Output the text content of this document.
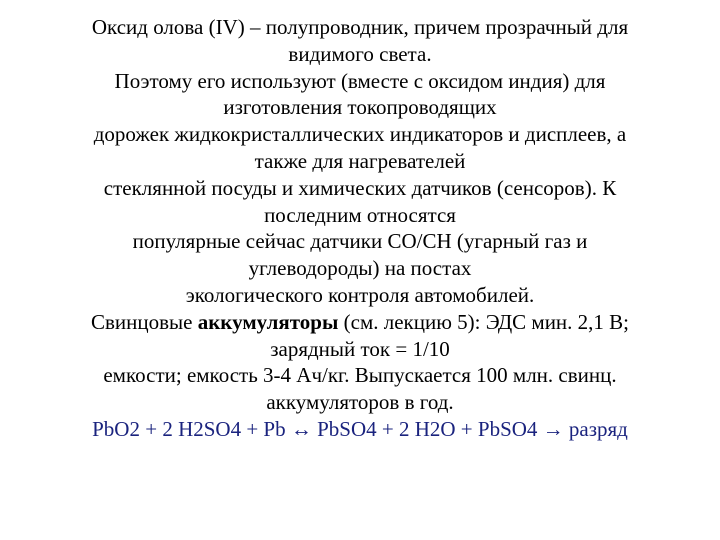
Оксид олова (IV) – полупроводник, причем прозрачный для
видимого света.
Поэтому его используют (вместе с оксидом индия) для
изготовления токопроводящих
дорожек жидкокристаллических индикаторов и дисплеев, а
также для нагревателей
стеклянной посуды и химических датчиков (сенсоров). К
последним относятся
популярные сейчас датчики СО/СН (угарный газ и
углеводороды) на постах
экологического контроля автомобилей.
Свинцовые аккумуляторы (см. лекцию 5): ЭДС мин. 2,1 В;
зарядный ток = 1/10
емкости; емкость 3-4 Ач/кг. Выпускается 100 млн. свинц.
аккумуляторов в год.
PbO2 + 2 H2SO4 + Pb ↔ PbSO4 + 2 H2O + PbSO4 → разряд
